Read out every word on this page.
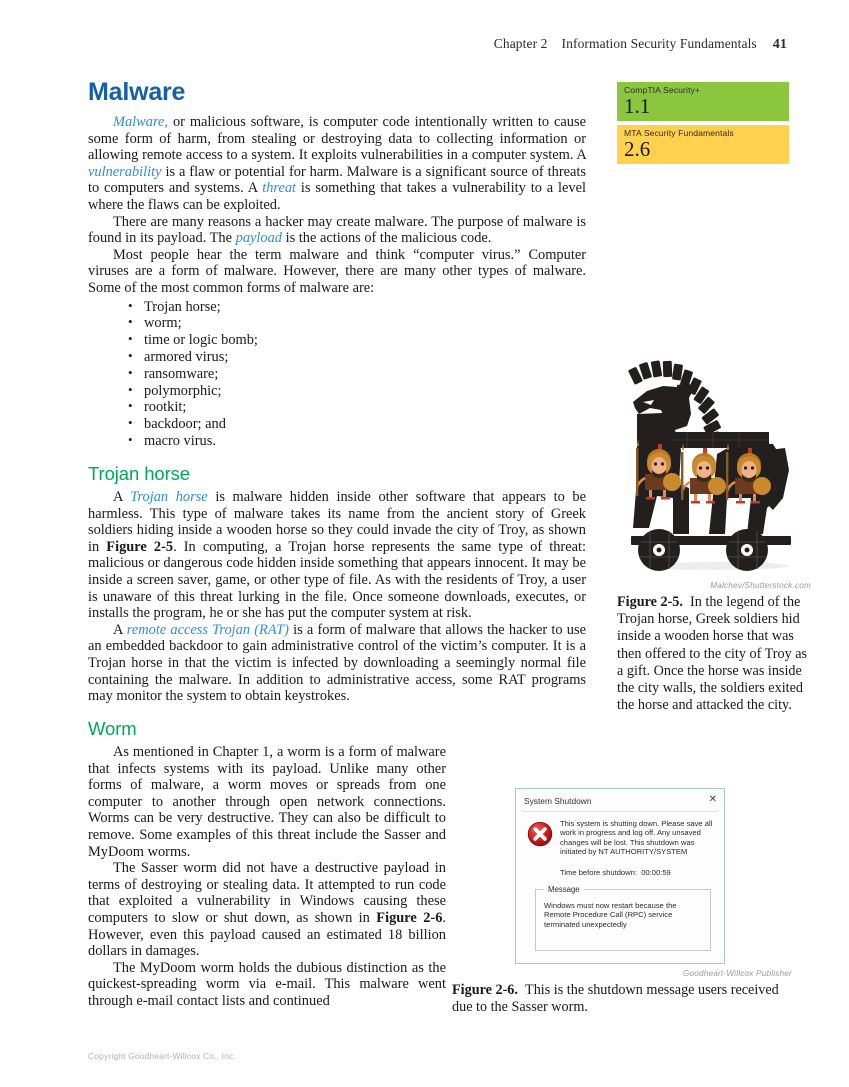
Chapter 2 Information Security Fundamentals 41
CompTIA Security+
1.1
MTA Security Fundamentals
2.6
Malware

Malware, or malicious software, is computer code intentionally written to cause some form of harm, from stealing or destroying data to collecting information or allowing remote access to a system. It exploits vulnerabilities in a computer system. A vulnerability is a flaw or potential for harm. Malware is a significant source of threats to computers and systems. A threat is something that takes a vulnerability to a level where the flaws can be exploited.

There are many reasons a hacker may create malware. The purpose of malware is found in its payload. The payload is the actions of the malicious code.

Most people hear the term malware and think “computer virus.” Computer viruses are a form of malware. However, there are many other types of malware. Some of the most common forms of malware are:

• Trojan horse;
• worm;
• time or logic bomb;
• armored virus;
• ransomware;
• polymorphic;
• rootkit;
• backdoor; and
• macro virus.
Trojan horse

A Trojan horse is malware hidden inside other software that appears to be harmless. This type of malware takes its name from the ancient story of Greek soldiers hiding inside a wooden horse so they could invade the city of Troy, as shown in Figure 2-5. In computing, a Trojan horse represents the same type of threat: malicious or dangerous code hidden inside something that appears innocent. It may be inside a screen saver, game, or other type of file. As with the residents of Troy, a user is unaware of this threat lurking in the file. Once someone downloads, executes, or installs the program, he or she has put the computer system at risk.

A remote access Trojan (RAT) is a form of malware that allows the hacker to use an embedded backdoor to gain administrative control of the victim’s computer. It is a Trojan horse in that the victim is infected by downloading a seemingly normal file containing the malware. In addition to administrative access, some RAT programs may monitor the system to obtain keystrokes.

Worm

As mentioned in Chapter 1, a worm is a form of malware that infects systems with its payload. Unlike many other forms of malware, a worm moves or spreads from one computer to another through open network connections. Worms can be very destructive. They can also be difficult to remove. Some examples of this threat include the Sasser and MyDoom worms.

The Sasser worm did not have a destructive payload in terms of destroying or stealing data. It attempted to run code that exploited a vulnerability in Windows causing these computers to slow or shut down, as shown in Figure 2-6. However, even this payload caused an estimated 18 billion dollars in damages.

The MyDoom worm holds the dubious distinction as the quickest-spreading worm via e-mail. This malware went through e-mail contact lists and continued

Malchev/Shutterstock.com
Figure 2-5. In the legend of the Trojan horse, Greek soldiers hid inside a wooden horse that was then offered to the city of Troy as a gift. Once the horse was inside the city walls, the soldiers exited the horse and attacked the city.
System Shutdown	✕
This system is shutting down. Please save all work in progress and log off. Any unsaved changes will be lost. This shutdown was initiated by NT AUTHORITY/SYSTEM
Time before shutdown: 00:00:59
Message
Windows must now restart because the Remote Procedure Call (RPC) service terminated unexpectedly
Goodheart-Willcox Publisher
Figure 2-6. This is the shutdown message users received due to the Sasser worm.
Copyright Goodheart-Willcox Co., Inc.
